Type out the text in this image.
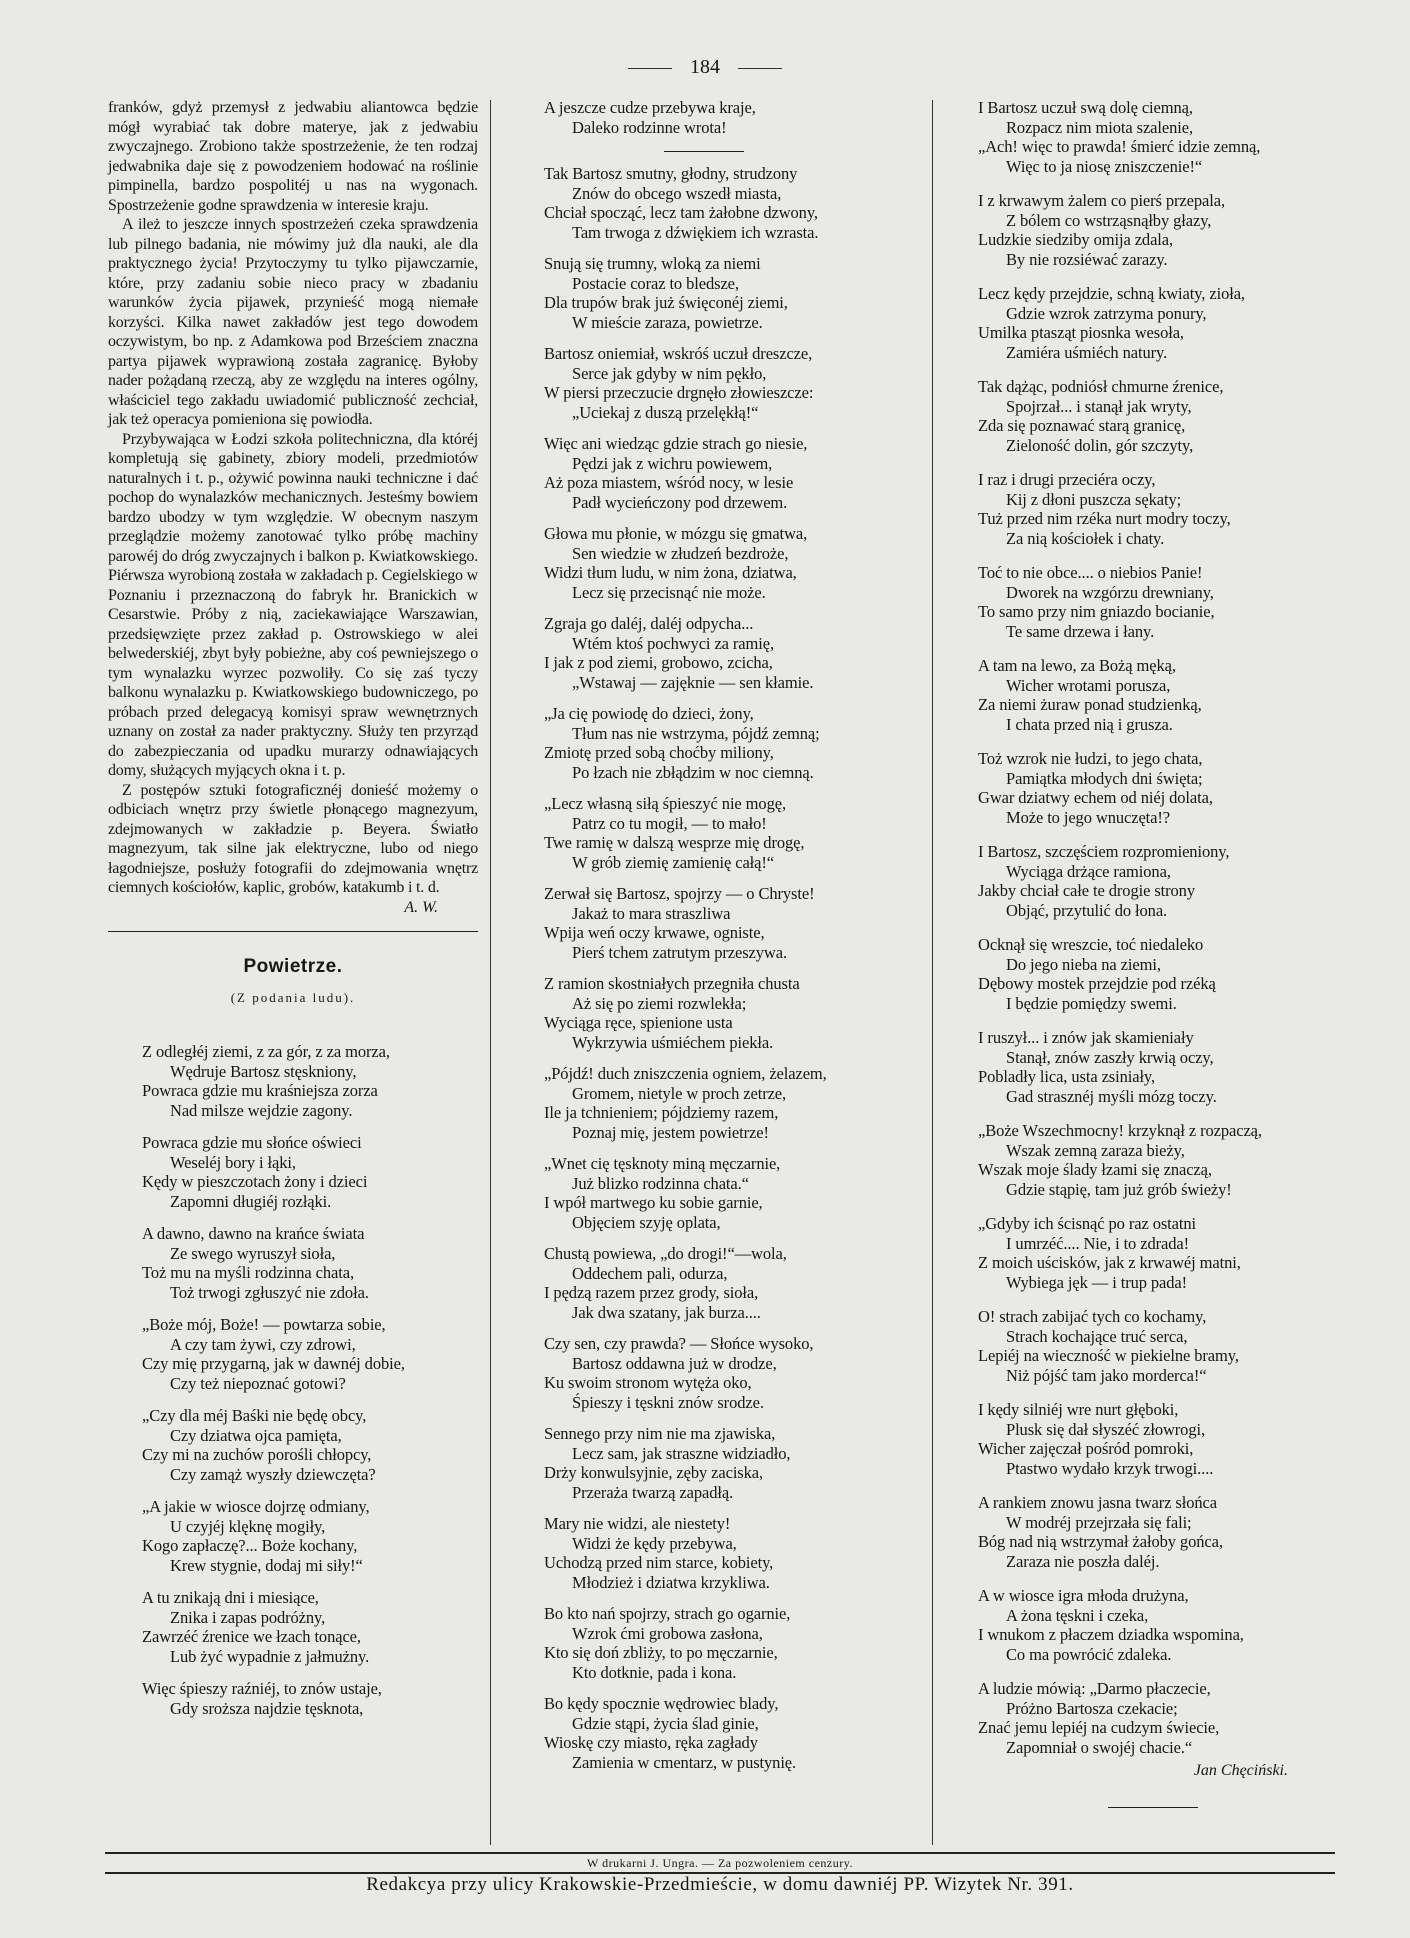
184

franków, gdyż przemysł z jedwabiu aliantowca będzie mógł wyrabiać tak dobre materye, jak z jedwabiu zwyczajnego. Zrobiono także spostrzeżenie, że ten rodzaj jedwabnika daje się z powodzeniem hodować na roślinie pimpinella, bardzo pospolitéj u nas na wygonach. Spostrzeżenie godne sprawdzenia w interesie kraju.

A ileż to jeszcze innych spostrzeżeń czeka sprawdzenia lub pilnego badania, nie mówimy już dla nauki, ale dla praktycznego życia! Przytoczymy tu tylko pijawczarnie, które, przy zadaniu sobie nieco pracy w zbadaniu warunków życia pijawek, przynieść mogą niemałe korzyści. Kilka nawet zakładów jest tego dowodem oczywistym, bo np. z Adamkowa pod Brześciem znaczna partya pijawek wyprawioną została zagranicę. Byłoby nader pożądaną rzeczą, aby ze względu na interes ogólny, właściciel tego zakładu uwiadomić publiczność zechciał, jak też operacya pomieniona się powiodła.

Przybywająca w Łodzi szkoła politechniczna, dla któréj kompletują się gabinety, zbiory modeli, przedmiotów naturalnych i t. p., ożywić powinna nauki techniczne i dać pochop do wynalazków mechanicznych. Jesteśmy bowiem bardzo ubodzy w tym względzie. W obecnym naszym przeglądzie możemy zanotować tylko próbę machiny parowéj do dróg zwyczajnych i balkon p. Kwiatkowskiego. Piérwsza wyrobioną została w zakładach p. Cegielskiego w Poznaniu i przeznaczoną do fabryk hr. Branickich w Cesarstwie. Próby z nią, zaciekawiające Warszawian, przedsięwzięte przez zakład p. Ostrowskiego w alei belwederskiéj, zbyt były pobieżne, aby coś pewniejszego o tym wynalazku wyrzec pozwoliły. Co się zaś tyczy balkonu wynalazku p. Kwiatkowskiego budowniczego, po próbach przed delegacyą komisyi spraw wewnętrznych uznany on został za nader praktyczny. Służy ten przyrząd do zabezpieczania od upadku murarzy odnawiających domy, służących myjących okna i t. p.

Z postępów sztuki fotograficznéj donieść możemy o odbiciach wnętrz przy świetle płonącego magnezyum, zdejmowanych w zakładzie p. Beyera. Światło magnezyum, tak silne jak elektryczne, lubo od niego łagodniejsze, posłuży fotografii do zdejmowania wnętrz ciemnych kościołów, kaplic, grobów, katakumb i t. d.

A. W.
Powietrze.
(Z podania ludu).
Z odległéj ziemi, z za gór, z za morza,
Wędruje Bartosz stęskniony,
Powraca gdzie mu kraśniejsza zorza
Nad milsze wejdzie zagony.
Powraca gdzie mu słońce oświeci
Weseléj bory i łąki,
Kędy w pieszczotach żony i dzieci
Zapomni długiéj rozłąki.
A dawno, dawno na krańce świata
Ze swego wyruszył sioła,
Toż mu na myśli rodzinna chata,
Toż trwogi zgłuszyć nie zdoła.
„Boże mój, Boże! — powtarza sobie,
A czy tam żywi, czy zdrowi,
Czy mię przygarną, jak w dawnéj dobie,
Czy też niepoznać gotowi?
„Czy dla méj Baśki nie będę obcy,
Czy dziatwa ojca pamięta,
Czy mi na zuchów porośli chłopcy,
Czy zamąż wyszły dziewczęta?
„A jakie w wiosce dojrzę odmiany,
U czyjéj klęknę mogiły,
Kogo zapłaczę?... Boże kochany,
Krew stygnie, dodaj mi siły!“
A tu znikają dni i miesiące,
Znika i zapas podróżny,
Zawrzéć źrenice we łzach tonące,
Lub żyć wypadnie z jałmużny.
Więc śpieszy raźniéj, to znów ustaje,
Gdy sroższa najdzie tęsknota,
A jeszcze cudze przebywa kraje,
Daleko rodzinne wrota!
Tak Bartosz smutny, głodny, strudzony
Znów do obcego wszedł miasta,
Chciał spocząć, lecz tam żałobne dzwony,
Tam trwoga z dźwiękiem ich wzrasta.
Snują się trumny, wloką za niemi
Postacie coraz to bledsze,
Dla trupów brak już święconéj ziemi,
W mieście zaraza, powietrze.
Bartosz oniemiał, wskróś uczuł dreszcze,
Serce jak gdyby w nim pękło,
W piersi przeczucie drgnęło złowieszcze:
„Uciekaj z duszą przelękłą!“
Więc ani wiedząc gdzie strach go niesie,
Pędzi jak z wichru powiewem,
Aż poza miastem, wśród nocy, w lesie
Padł wycieńczony pod drzewem.
Głowa mu płonie, w mózgu się gmatwa,
Sen wiedzie w złudzeń bezdroże,
Widzi tłum ludu, w nim żona, dziatwa,
Lecz się przecisnąć nie może.
Zgraja go daléj, daléj odpycha...
Wtém ktoś pochwyci za ramię,
I jak z pod ziemi, grobowo, zcicha,
„Wstawaj — zajęknie — sen kłamie.
„Ja cię powiodę do dzieci, żony,
Tłum nas nie wstrzyma, pójdź zemną;
Zmiotę przed sobą choćby miliony,
Po łzach nie zbłądzim w noc ciemną.
„Lecz własną siłą śpieszyć nie mogę,
Patrz co tu mogił, — to mało!
Twe ramię w dalszą wesprze mię drogę,
W grób ziemię zamienię całą!“
Zerwał się Bartosz, spojrzy — o Chryste!
Jakaż to mara straszliwa
Wpija weń oczy krwawe, ogniste,
Pierś tchem zatrutym przeszywa.
Z ramion skostniałych przegniła chusta
Aż się po ziemi rozwlekła;
Wyciąga ręce, spienione usta
Wykrzywia uśmiéchem piekła.
„Pójdź! duch zniszczenia ogniem, żelazem,
Gromem, nietyle w proch zetrze,
Ile ja tchnieniem; pójdziemy razem,
Poznaj mię, jestem powietrze!
„Wnet cię tęsknoty miną męczarnie,
Już blizko rodzinna chata.“
I wpół martwego ku sobie garnie,
Objęciem szyję oplata,
Chustą powiewa, „do drogi!“—wola,
Oddechem pali, odurza,
I pędzą razem przez grody, sioła,
Jak dwa szatany, jak burza....
Czy sen, czy prawda? — Słońce wysoko,
Bartosz oddawna już w drodze,
Ku swoim stronom wytęża oko,
Śpieszy i tęskni znów srodze.
Sennego przy nim nie ma zjawiska,
Lecz sam, jak straszne widziadło,
Drży konwulsyjnie, zęby zaciska,
Przeraża twarzą zapadłą.
Mary nie widzi, ale niestety!
Widzi że kędy przebywa,
Uchodzą przed nim starce, kobiety,
Młodzież i dziatwa krzykliwa.
Bo kto nań spojrzy, strach go ogarnie,
Wzrok ćmi grobowa zasłona,
Kto się doń zbliży, to po męczarnie,
Kto dotknie, pada i kona.
Bo kędy spocznie wędrowiec blady,
Gdzie stąpi, życia ślad ginie,
Wioskę czy miasto, ręka zagłady
Zamienia w cmentarz, w pustynię.
I Bartosz uczuł swą dolę ciemną,
Rozpacz nim miota szalenie,
„Ach! więc to prawda! śmierć idzie zemną,
Więc to ja niosę zniszczenie!“
I z krwawym żalem co pierś przepala,
Z bólem co wstrząsnąłby głazy,
Ludzkie siedziby omija zdala,
By nie rozsiéwać zarazy.
Lecz kędy przejdzie, schną kwiaty, zioła,
Gdzie wzrok zatrzyma ponury,
Umilka ptasząt piosnka wesoła,
Zamiéra uśmiéch natury.
Tak dążąc, podniósł chmurne źrenice,
Spojrzał... i stanął jak wryty,
Zda się poznawać starą granicę,
Zieloność dolin, gór szczyty,
I raz i drugi przeciéra oczy,
Kij z dłoni puszcza sękaty;
Tuż przed nim rzéka nurt modry toczy,
Za nią kościołek i chaty.
Toć to nie obce.... o niebios Panie!
Dworek na wzgórzu drewniany,
To samo przy nim gniazdo bocianie,
Te same drzewa i łany.
A tam na lewo, za Bożą męką,
Wicher wrotami porusza,
Za niemi żuraw ponad studzienką,
I chata przed nią i grusza.
Toż wzrok nie łudzi, to jego chata,
Pamiątka młodych dni święta;
Gwar dziatwy echem od niéj dolata,
Może to jego wnuczęta!?
I Bartosz, szczęściem rozpromieniony,
Wyciąga drżące ramiona,
Jakby chciał całe te drogie strony
Objąć, przytulić do łona.
Ocknął się wreszcie, toć niedaleko
Do jego nieba na ziemi,
Dębowy mostek przejdzie pod rzéką
I będzie pomiędzy swemi.
I ruszył... i znów jak skamieniały
Stanął, znów zaszły krwią oczy,
Pobladły lica, usta zsiniały,
Gad strasznéj myśli mózg toczy.
„Boże Wszechmocny! krzyknął z rozpaczą,
Wszak zemną zaraza bieży,
Wszak moje ślady łzami się znaczą,
Gdzie stąpię, tam już grób świeży!
„Gdyby ich ścisnąć po raz ostatni
I umrzéć.... Nie, i to zdrada!
Z moich uścisków, jak z krwawéj matni,
Wybiega jęk — i trup pada!
O! strach zabijać tych co kochamy,
Strach kochające truć serca,
Lepiéj na wieczność w piekielne bramy,
Niż pójść tam jako morderca!“
I kędy silniéj wre nurt głęboki,
Plusk się dał słyszéć złowrogi,
Wicher zajęczał pośród pomroki,
Ptastwo wydało krzyk trwogi....
A rankiem znowu jasna twarz słońca
W modréj przejrzała się fali;
Bóg nad nią wstrzymał żałoby gońca,
Zaraza nie poszła daléj.
A w wiosce igra młoda drużyna,
A żona tęskni i czeka,
I wnukom z płaczem dziadka wspomina,
Co ma powrócić zdaleka.
A ludzie mówią: „Darmo płaczecie,
Próżno Bartosza czekacie;
Znać jemu lepiéj na cudzym świecie,
Zapomniał o swojéj chacie.“
Jan Chęciński.
W drukarni J. Ungra. — Za pozwoleniem cenzury.
Redakcya przy ulicy Krakowskie-Przedmieście, w domu dawniéj PP. Wizytek Nr. 391.
